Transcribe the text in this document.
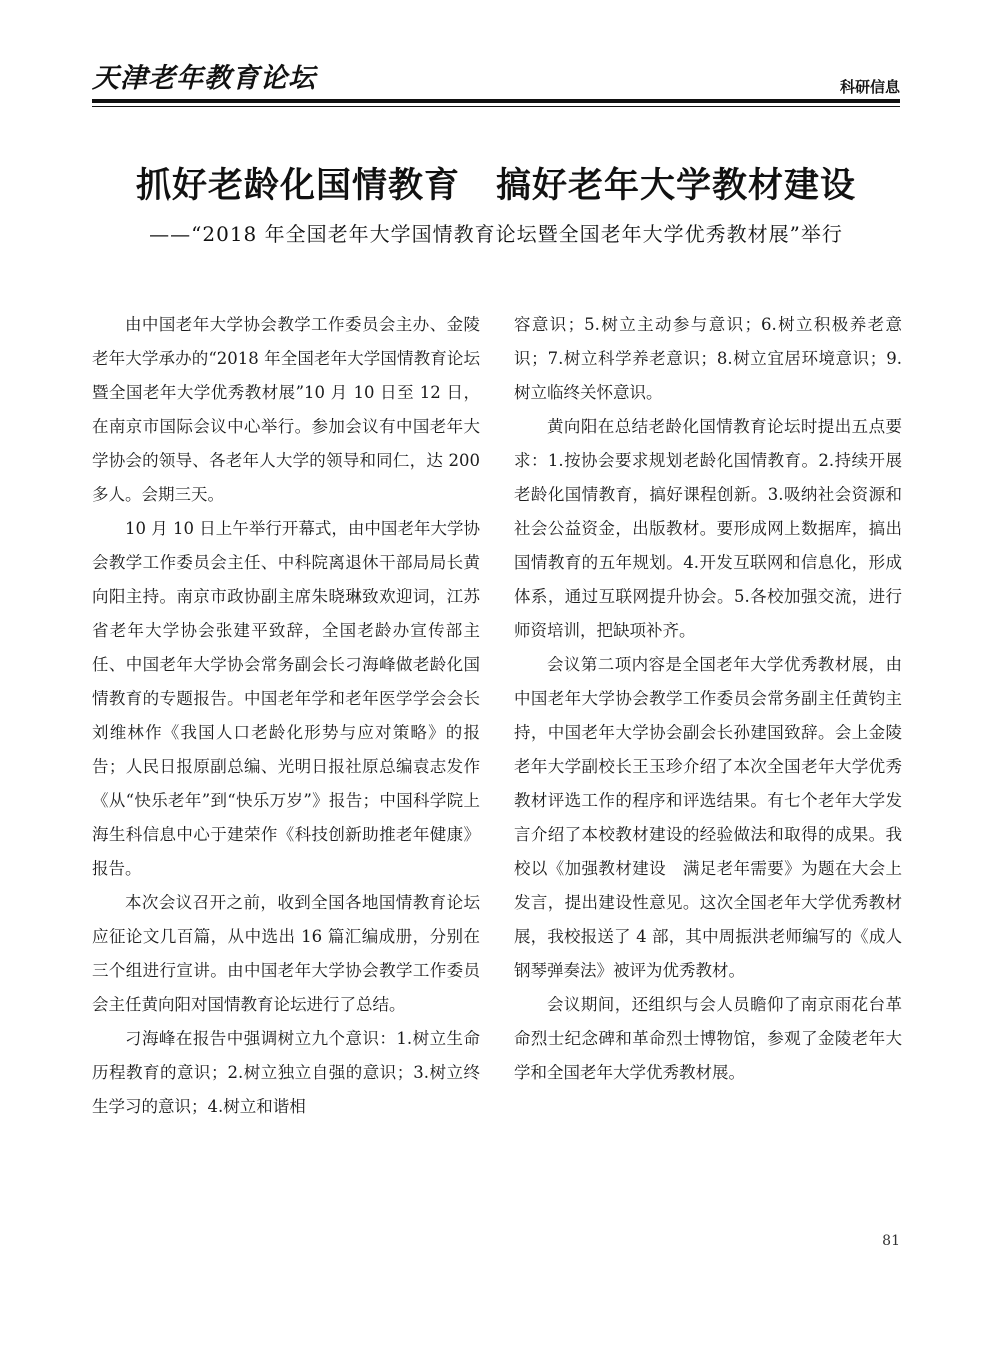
天津老年教育论坛	科研信息
抓好老龄化国情教育 搞好老年大学教材建设
——“2018 年全国老年大学国情教育论坛暨全国老年大学优秀教材展”举行

由中国老年大学协会教学工作委员会主办、金陵老年大学承办的“2018 年全国老年大学国情教育论坛暨全国老年大学优秀教材展”10 月 10 日至 12 日，在南京市国际会议中心举行。参加会议有中国老年大学协会的领导、各老年人大学的领导和同仁，达 200 多人。会期三天。

10 月 10 日上午举行开幕式，由中国老年大学协会教学工作委员会主任、中科院离退休干部局局长黄向阳主持。南京市政协副主席朱晓琳致欢迎词，江苏省老年大学协会张建平致辞，全国老龄办宣传部主任、中国老年大学协会常务副会长刁海峰做老龄化国情教育的专题报告。中国老年学和老年医学学会会长刘维林作《我国人口老龄化形势与应对策略》的报告；人民日报原副总编、光明日报社原总编袁志发作《从“快乐老年”到“快乐万岁”》报告；中国科学院上海生科信息中心于建荣作《科技创新助推老年健康》报告。

本次会议召开之前，收到全国各地国情教育论坛应征论文几百篇，从中选出 16 篇汇编成册，分别在三个组进行宣讲。由中国老年大学协会教学工作委员会主任黄向阳对国情教育论坛进行了总结。

刁海峰在报告中强调树立九个意识：1.树立生命历程教育的意识；2.树立独立自强的意识；3.树立终生学习的意识；4.树立和谐相

容意识；5.树立主动参与意识；6.树立积极养老意识；7.树立科学养老意识；8.树立宜居环境意识；9.树立临终关怀意识。

黄向阳在总结老龄化国情教育论坛时提出五点要求：1.按协会要求规划老龄化国情教育。2.持续开展老龄化国情教育，搞好课程创新。3.吸纳社会资源和社会公益资金，出版教材。要形成网上数据库，搞出国情教育的五年规划。4.开发互联网和信息化，形成体系，通过互联网提升协会。5.各校加强交流，进行师资培训，把缺项补齐。

会议第二项内容是全国老年大学优秀教材展，由中国老年大学协会教学工作委员会常务副主任黄钧主持，中国老年大学协会副会长孙建国致辞。会上金陵老年大学副校长王玉珍介绍了本次全国老年大学优秀教材评选工作的程序和评选结果。有七个老年大学发言介绍了本校教材建设的经验做法和取得的成果。我校以《加强教材建设　满足老年需要》为题在大会上发言，提出建设性意见。这次全国老年大学优秀教材展，我校报送了 4 部，其中周振洪老师编写的《成人钢琴弹奏法》被评为优秀教材。

会议期间，还组织与会人员瞻仰了南京雨花台革命烈士纪念碑和革命烈士博物馆，参观了金陵老年大学和全国老年大学优秀教材展。

81
